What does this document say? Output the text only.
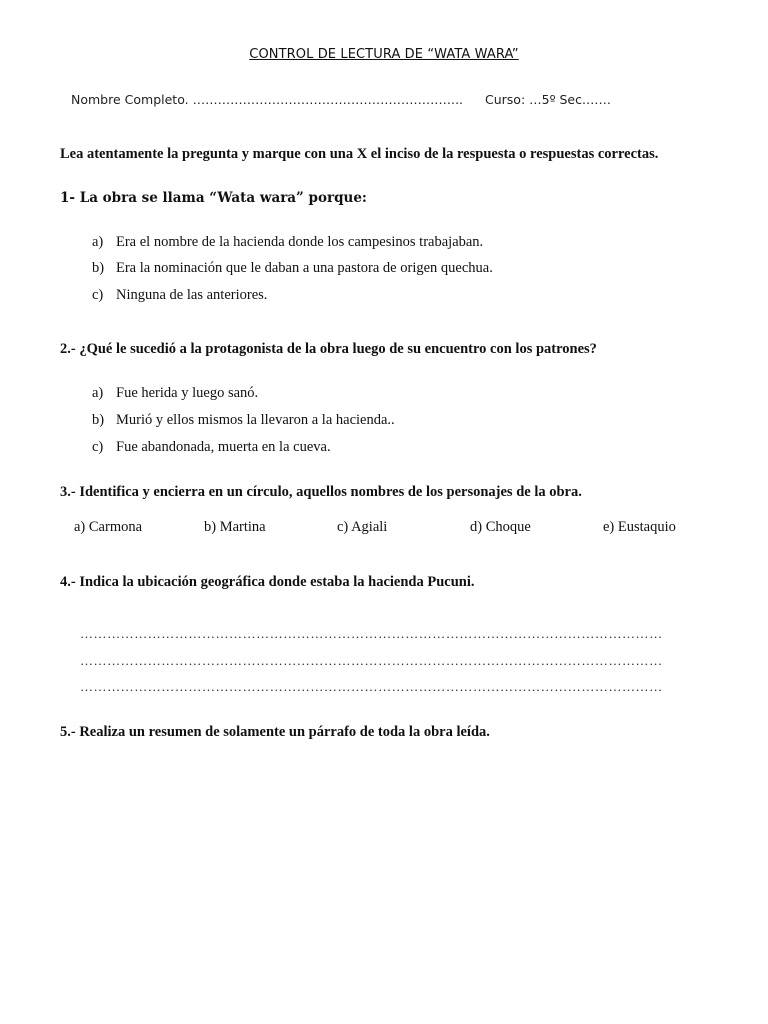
CONTROL DE LECTURA DE “WATA WARA”
Nombre Completo. ……………………………………………………….. Curso: …5º Sec.……
Lea atentamente la pregunta y marque con una X el inciso de la respuesta o respuestas correctas.
1- La obra se llama “Wata wara” porque:
a) Era el nombre de la hacienda donde los campesinos trabajaban.
b) Era la nominación que le daban a una pastora de origen quechua.
c) Ninguna de las anteriores.
2.- ¿Qué le sucedió a la protagonista de la obra luego de su encuentro con los patrones?
a) Fue herida y luego sanó.
b) Murió y ellos mismos la llevaron a la hacienda..
c) Fue abandonada, muerta en la cueva.
3.- Identifica y encierra en un círculo, aquellos nombres de los personajes de la obra.
a) Carmona	b) Martina	c) Agiali	d) Choque	e) Eustaquio
4.- Indica la ubicación geográfica donde estaba la hacienda Pucuni.
…………………………………………………………………………………………………………………
…………………………………………………………………………………………………………………
…………………………………………………………………………………………………………………
5.- Realiza un resumen de solamente un párrafo de toda la obra leída.
